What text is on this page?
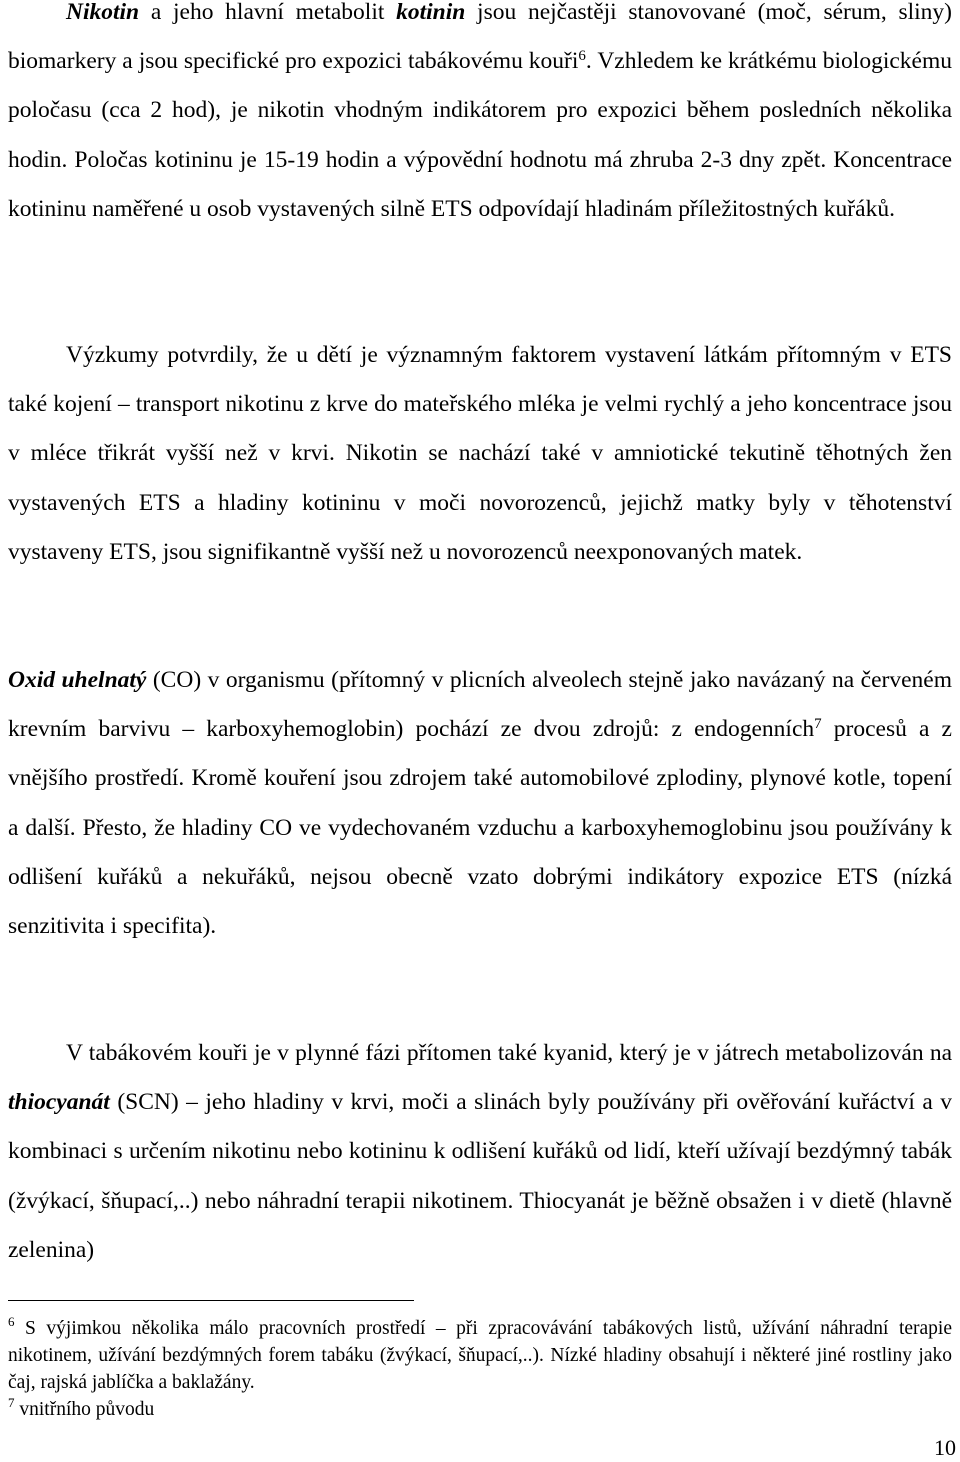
Nikotin a jeho hlavní metabolit kotinin jsou nejčastěji stanovované (moč, sérum, sliny) biomarkery a jsou specifické pro expozici tabákovému kouři$^6$. Vzhledem ke krátkému biologickému poločasu (cca 2 hod), je nikotin vhodným indikátorem pro expozici během posledních několika hodin. Poločas kotininu je 15-19 hodin a výpovědní hodnotu má zhruba 2-3 dny zpět. Koncentrace kotininu naměřené u osob vystavených silně ETS odpovídají hladinám příležitostných kuřáků.

Výzkumy potvrdily, že u dětí je významným faktorem vystavení látkám přítomným v ETS také kojení – transport nikotinu z krve do mateřského mléka je velmi rychlý a jeho koncentrace jsou v mléce třikrát vyšší než v krvi. Nikotin se nachází také v amniotické tekutině těhotných žen vystavených ETS a hladiny kotininu v moči novorozenců, jejichž matky byly v těhotenství vystaveny ETS, jsou signifikantně vyšší než u novorozenců neexponovaných matek.

Oxid uhelnatý (CO) v organismu (přítomný v plicních alveolech stejně jako navázaný na červeném krevním barvivu – karboxyhemoglobin) pochází ze dvou zdrojů: z endogenních$^7$ procesů a z vnějšího prostředí. Kromě kouření jsou zdrojem také automobilové zplodiny, plynové kotle, topení a další. Přesto, že hladiny CO ve vydechovaném vzduchu a karboxyhemoglobinu jsou používány k odlišení kuřáků a nekuřáků, nejsou obecně vzato dobrými indikátory expozice ETS (nízká senzitivita i specifita).

V tabákovém kouři je v plynné fázi přítomen také kyanid, který je v játrech metabolizován na thiocyanát (SCN) – jeho hladiny v krvi, moči a slinách byly používány při ověřování kuřáctví a v kombinaci s určením nikotinu nebo kotininu k odlišení kuřáků od lidí, kteří užívají bezdýmný tabák (žvýkací, šňupací,..) nebo náhradní terapii nikotinem. Thiocyanát je běžně obsažen i v dietě (hlavně zelenina)

$^6$ S výjimkou několika málo pracovních prostředí – při zpracovávání tabákových listů, užívání náhradní terapie nikotinem, užívání bezdýmných forem tabáku (žvýkací, šňupací,..). Nízké hladiny obsahují i některé jiné rostliny jako čaj, rajská jablíčka a baklažány.

$^7$ vnitřního původu

10
